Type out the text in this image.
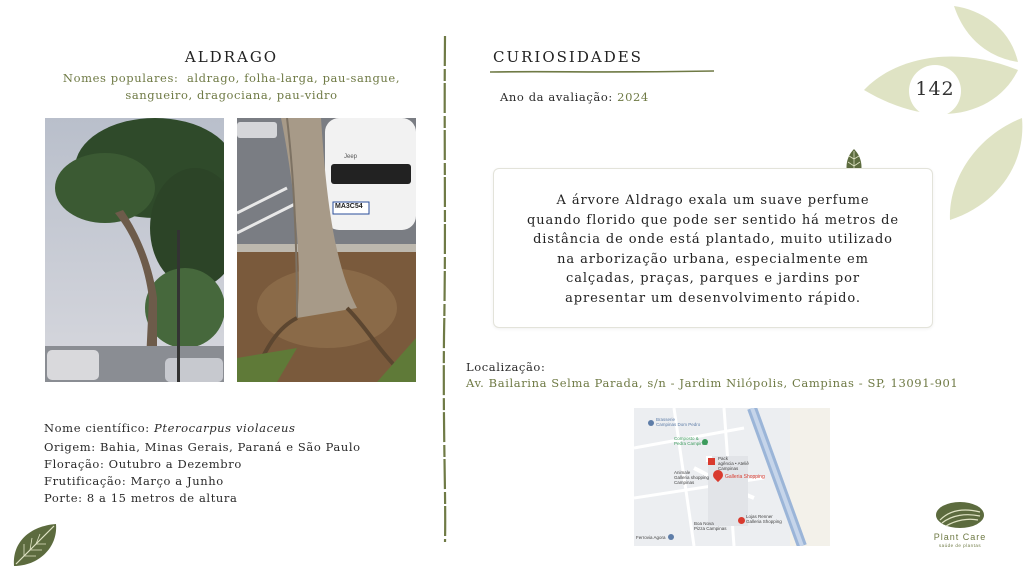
142
ALDRAGO
Nomes populares: aldrago, folha-larga, pau-sangue,
sangueiro, dragociana, pau-vidro
Jeep
MA3C54
Nome científico: Pterocarpus violaceus
Origem: Bahia, Minas Gerais, Paraná e São Paulo
Floração: Outubro a Dezembro
Frutificação: Março a Junho
Porte: 8 a 15 metros de altura
CURIOSIDADES
Ano da avaliação: 2024
A árvore Aldrago exala um suave perfume
quando florido que pode ser sentido há metros de
distância de onde está plantado, muito utilizado
na arborização urbana, especialmente em
calçadas, praças, parques e jardins por
apresentar um desenvolvimento rápido.
Localização:
Av. Bailarina Selma Parada, s/n - Jardim Nilópolis, Campinas - SP, 13091-901
Brasserie
Campinas Dom Pedro
Composto &
Pedra Campinas
Pack
agência • Ateliê
Campinas
Animale
Galleria shopping
Campinas
Galleria Shopping
Lojas Renner
Galleria Shopping
Boa Nova
Pizza Campinas
Ferrovia Agora	Plant Care
saúde de plantas
